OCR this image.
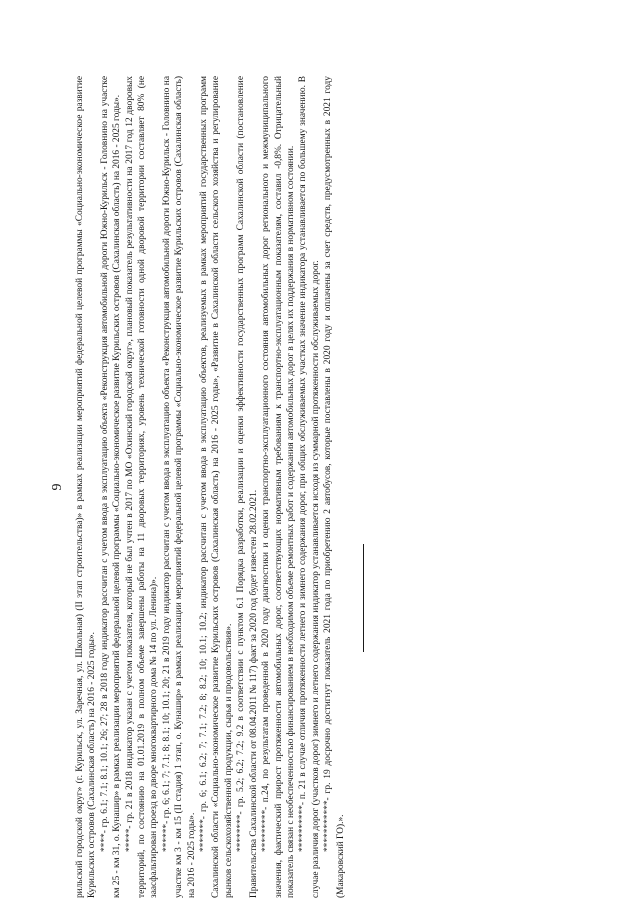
9 рильский городской округ» (г. Курильск, ул. Заречная, ул. Школьная) (II этап строительства)» в рамках реализации мероприятий федеральной целевой программы «Социально-экономическое развитие Курильских островов (Сахалинская область) на 2016 - 2025 годы». ****- гр. 6.1; 7.1; 8.1; 10.1; 26; 27; 28 в 2018 году индикатор рассчитан с учетом ввода в эксплуатацию объекта «Реконструкция автомобильной дороги Южно-Курильск - Головнино на участке км 25 - км 31, о. Кунашир» в рамках реализации мероприятий федеральной целевой программы «Социально-экономическое развитие Курильских островов (Сахалинская область) на 2016 - 2025 годы». *****- гр. 21 в 2018 индикатор указан с учетом показателя, который не был учтен в 2017 по МО «Охинский городской округ», плановый показатель результативности на 2017 год 12 дворовых территорий, по состоянию на 01.01.2019 в полном объеме завершены работы на 11 дворовых территориях, уровень технической готовности одной дворовой территории составляет 80% (не заасфальтирован проезд во дворе многоквартирного дома № 14 по ул. Ленина)». ******- гр. 6; 6.1; 7; 7.1; 8; 8.1; 10; 10.1; 20; 21 в 2019 году индикатор рассчитан с учетом ввода в эксплуатацию объекта «Реконструкция автомобильной дороги Южно-Курильск - Головнино на участке км 3 - км 15 (II стадия) 1 этап, о. Кунашир» в рамках реализации мероприятий федеральной целевой программы «Социально-экономическое развитие Курильских островов (Сахалинская область) на 2016 - 2025 годы».

*******- гр. 6; 6.1; 6.2; 7; 7.1; 7.2; 8; 8.2; 10; 10.1; 10.2; индикатор рассчитан с учетом ввода в эксплуатацию объектов, реализуемых в рамках мероприятий государственных программ Сахалинской области «Социально-экономическое развитие Курильских островов (Сахалинская область) на 2016 - 2025 годы», «Развитие в Сахалинской области сельского хозяйства и регулирование рынков сельскохозяйственной продукции, сырья и продовольствия». ********- гр. 5.2; 6.2; 7.2; 9.2 в соответствии с пунктом 6.1 Порядка разработки, реализации и оценки эффективности государственных программ Сахалинской области (постановление Правительства Сахалинской области от 08.04.2011 № 117) факт за 2020 год будет известен 28.02.2021. *********- п.24, по результатам проведенной в 2020 году диагностики и оценки транспортно-эксплуатационного состояния автомобильных дорог регионального и межмуниципального значения, фактический прирост протяженности автомобильных дорог, соответствующих нормативным требованиям к транспортно-эксплуатационным показателям, составил -0,8%. Отрицательный показатель связан с необеспеченностью финансированием в необходимом объеме ремонтных работ и содержания автомобильных дорог в целях их поддержания в нормативном состоянии. **********- п. 21 в случае отличия протяженности летнего и зимнего содержания дорог, при общих обслуживаемых участках значение индикатора устанавливается по большему значению. В случае различия дорог (участков дорог) зимнего и летнего содержания индикатор устанавливается исходя из суммарной протяженности обслуживаемых дорог. ***********- гр. 19 досрочно достигнут показатель 2021 года по приобретению 2 автобусов, которые поставлены в 2020 году и оплачены за счет средств, предусмотренных в 2021 году (Макаровский ГО).».
